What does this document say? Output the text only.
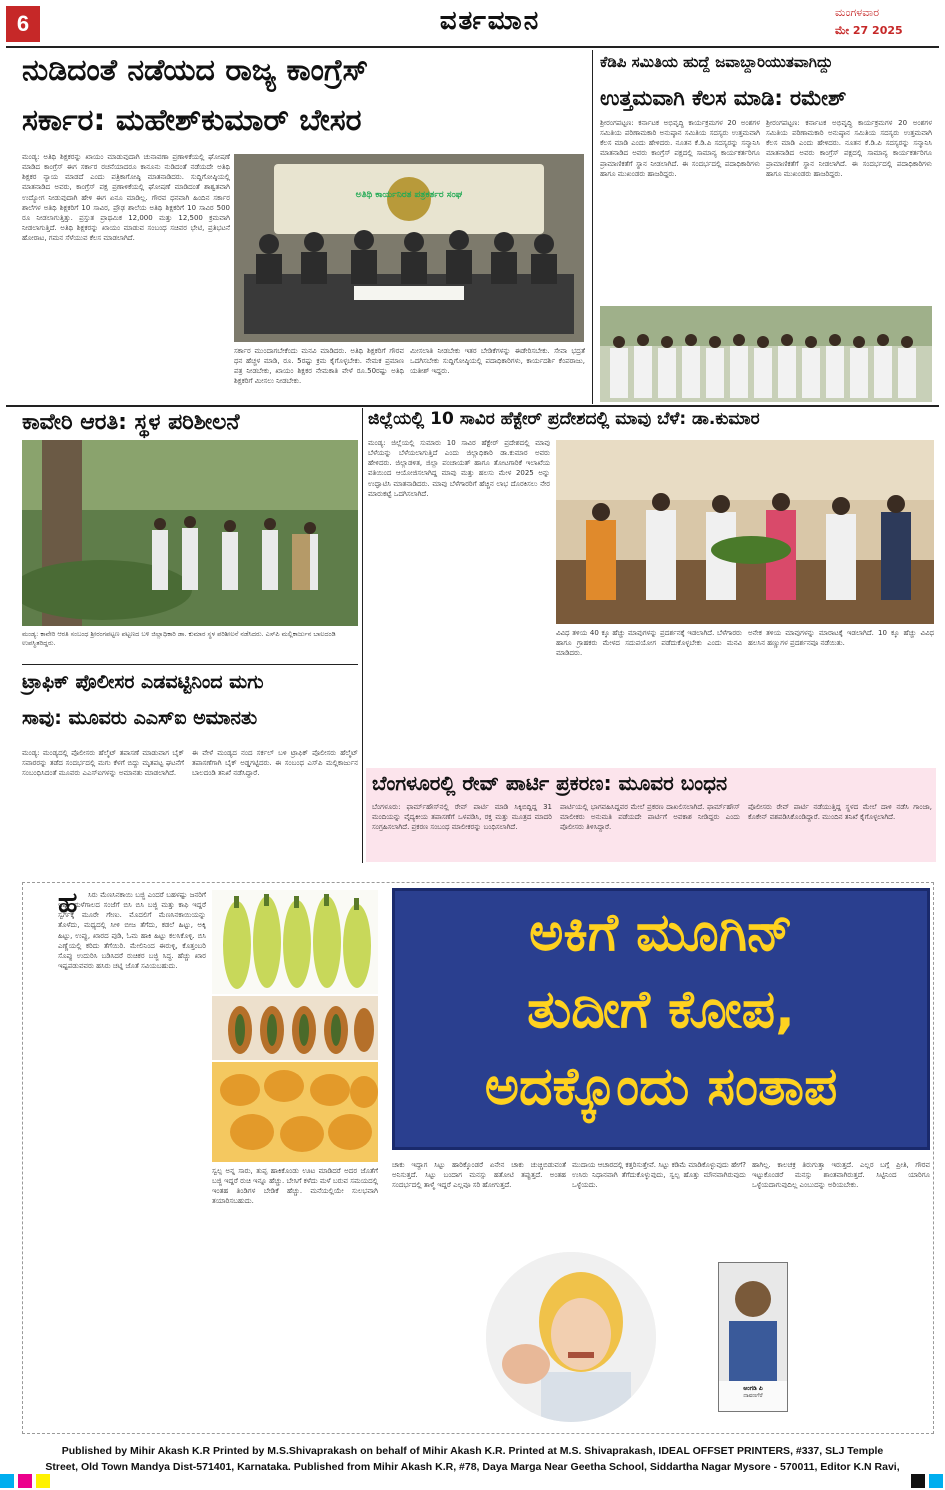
6	ವರ್ತಮಾನ	ಮಂಗಳವಾರ
ಮೇ 27 2025
ನುಡಿದಂತೆ ನಡೆಯದ ರಾಜ್ಯ ಕಾಂಗ್ರೆಸ್
ಸರ್ಕಾರ: ಮಹೇಶ್‌ಕುಮಾರ್ ಬೇಸರ
ಮಂಡ್ಯ: ಅತಿಥಿ ಶಿಕ್ಷಕರನ್ನು ಖಾಯಂ ಮಾಡುವುದಾಗಿ ಚುನಾವಣಾ ಪ್ರಣಾಳಿಕೆಯಲ್ಲಿ ಘೋಷಣೆ ಮಾಡಿದ ಕಾಂಗ್ರೆಸ್ ಈಗ ಸರ್ಕಾರ ರಚನೆಯಾದರೂ ಕಾನೂನು ನುಡಿದಂತೆ ನಡೆಯದೇ ಅತಿಥಿ ಶಿಕ್ಷಕರ ನ್ಯಾಯ ಮಾಡದೆ ಎಂದು ಪತ್ರಿಕಾಗೋಷ್ಠಿ ಮಾತನಾಡಿದರು. ಸುದ್ದಿಗೋಷ್ಠಿಯಲ್ಲಿ ಮಾತನಾಡಿದ ಅವರು, ಕಾಂಗ್ರೆಸ್ ಪಕ್ಷ ಪ್ರಣಾಳಿಕೆಯಲ್ಲಿ ಘೋಷಣೆ ಮಾಡಿದಂತೆ ಶಾಶ್ವತವಾಗಿ ಉದ್ಯೋಗ ನೀಡುವುದಾಗಿ ಹೇಳಿ ಈಗ ಏನೂ ಮಾಡಿಲ್ಲ. ಗೌರವ ಧನವಾಗಿ ಹಿಂದಿನ ಸರ್ಕಾರ ಶಾಲೆಗಳ ಅತಿಥಿ ಶಿಕ್ಷಕರಿಗೆ 10 ಸಾವಿರ, ಪ್ರೌಢ ಶಾಲೆಯ ಅತಿಥಿ ಶಿಕ್ಷಕರಿಗೆ 10 ಸಾವಿರ 500 ರೂ ನೀಡಲಾಗುತ್ತಿತ್ತು. ಪ್ರಸ್ತುತ ಪ್ರಾಥಮಿಕ 12,000 ಮತ್ತು 12,500 ಕ್ರಮವಾಗಿ ನೀಡಲಾಗುತ್ತಿದೆ. ಅತಿಥಿ ಶಿಕ್ಷಕರನ್ನು ಖಾಯಂ ಮಾಡುವ ಸಂಬಂಧ ಸಚಿವರ ಭೇಟಿ, ಪ್ರತಿಭಟನೆ ಹೋರಾಟ, ಗಮನ ಸೆಳೆಯುವ ಕೆಲಸ ಮಾಡಲಾಗಿದೆ.
ಅತಿಥಿ ಕಾರ್ಯನಿರತ ಪತ್ರಕರ್ತರ ಸಂಘ
ಸರ್ಕಾರ ಮುಂದಾಗಬೇಕೆಂದು ಮನವಿ ಮಾಡಿದರು. ಅತಿಥಿ ಶಿಕ್ಷಕರಿಗೆ ಗೌರವ ಧನ ಹೆಚ್ಚಳ ಮಾಡಿ, ರೂ. 5ರಷ್ಟು ಕ್ರಮ ಕೈಗೊಳ್ಳಬೇಕು. ನೇಮಕ ಪ್ರಮಾಣ ಪತ್ರ ನೀಡಬೇಕು, ಖಾಯಂ ಶಿಕ್ಷಕರ ನೇಮಕಾತಿ ವೇಳೆ ರೂ.50ರಷ್ಟು ಅತಿಥಿ ಶಿಕ್ಷಕರಿಗೆ ಮೀಸಲು ನೀಡಬೇಕು.
ಮೀಸಲಾತಿ ನೀಡಬೇಕು ಇತರ ಬೇಡಿಕೆಗಳನ್ನು ಈಡೇರಿಸಬೇಕು. ಸೇವಾ ಭದ್ರತೆ ಒದಗಿಸಬೇಕು ಸುದ್ದಿಗೋಷ್ಠಿಯಲ್ಲಿ ಪದಾಧಿಕಾರಿಗಳು, ಕಾರ್ಯದರ್ಶಿ ಕೆಂಪರಾಜು, ಯತೀಶ್ ಇದ್ದರು.
ಕೆಡಿಪಿ ಸಮಿತಿಯ ಹುದ್ದೆ ಜವಾಬ್ದಾರಿಯುತವಾಗಿದ್ದು
ಉತ್ತಮವಾಗಿ ಕೆಲಸ ಮಾಡಿ: ರಮೇಶ್
ಶ್ರೀರಂಗಪಟ್ಟಣ: ಕರ್ನಾಟಕ ಅಭಿವೃದ್ಧಿ ಕಾರ್ಯಕ್ರಮಗಳ 20 ಅಂಶಗಳ ಸಮಿತಿಯ ಪರಿಣಾಮಕಾರಿ ಅನುಷ್ಠಾನ ಸಮಿತಿಯ ಸದಸ್ಯರು ಉತ್ತಮವಾಗಿ ಕೆಲಸ ಮಾಡಿ ಎಂದು ಹೇಳಿದರು. ನೂತನ ಕೆ.ಡಿ.ಪಿ ಸದಸ್ಯರನ್ನು ಸನ್ಮಾನಿಸಿ ಮಾತನಾಡಿದ ಅವರು ಕಾಂಗ್ರೆಸ್ ಪಕ್ಷದಲ್ಲಿ ಸಾಮಾನ್ಯ ಕಾರ್ಯಕರ್ತರಿಗೂ ಪ್ರಾಮಾಣಿಕತೆಗೆ ಸ್ಥಾನ ನೀಡಲಾಗಿದೆ. ಈ ಸಂದರ್ಭದಲ್ಲಿ ಪದಾಧಿಕಾರಿಗಳು ಹಾಗೂ ಮುಖಂಡರು ಹಾಜರಿದ್ದರು.
ಶ್ರೀರಂಗಪಟ್ಟಣ: ಕರ್ನಾಟಕ ಅಭಿವೃದ್ಧಿ ಕಾರ್ಯಕ್ರಮಗಳ 20 ಅಂಶಗಳ ಸಮಿತಿಯ ಪರಿಣಾಮಕಾರಿ ಅನುಷ್ಠಾನ ಸಮಿತಿಯ ಸದಸ್ಯರು ಉತ್ತಮವಾಗಿ ಕೆಲಸ ಮಾಡಿ ಎಂದು ಹೇಳಿದರು. ನೂತನ ಕೆ.ಡಿ.ಪಿ ಸದಸ್ಯರನ್ನು ಸನ್ಮಾನಿಸಿ ಮಾತನಾಡಿದ ಅವರು ಕಾಂಗ್ರೆಸ್ ಪಕ್ಷದಲ್ಲಿ ಸಾಮಾನ್ಯ ಕಾರ್ಯಕರ್ತರಿಗೂ ಪ್ರಾಮಾಣಿಕತೆಗೆ ಸ್ಥಾನ ನೀಡಲಾಗಿದೆ. ಈ ಸಂದರ್ಭದಲ್ಲಿ ಪದಾಧಿಕಾರಿಗಳು ಹಾಗೂ ಮುಖಂಡರು ಹಾಜರಿದ್ದರು.
ಕಾವೇರಿ ಆರತಿ: ಸ್ಥಳ ಪರಿಶೀಲನೆ
ಮಂಡ್ಯ: ಕಾವೇರಿ ಆರತಿ ಸಂಬಂಧ ಶ್ರೀರಂಗಪಟ್ಟಣ ಪಟ್ಟಣದ ಬಳಿ ಜಿಲ್ಲಾಧಿಕಾರಿ ಡಾ. ಕುಮಾರ ಸ್ಥಳ ಪರಿಶೀಲನೆ ನಡೆಸಿದರು. ಎಸ್‌ಪಿ ಮಲ್ಲಿಕಾರ್ಜುನ ಬಾಲದಂಡಿ ಉಪಸ್ಥಿತರಿದ್ದರು.
ಟ್ರಾಫಿಕ್ ಪೊಲೀಸರ ಎಡವಟ್ಟಿನಿಂದ ಮಗು
ಸಾವು: ಮೂವರು ಎಎಸ್‌ಐ ಅಮಾನತು
ಮಂಡ್ಯ: ಮಂಡ್ಯದಲ್ಲಿ ಪೊಲೀಸರು ಹೆಲ್ಮೆಟ್ ತಪಾಸಣೆ ಮಾಡುವಾಗ ಬೈಕ್ ಸವಾರರನ್ನು ತಡೆದ ಸಂದರ್ಭದಲ್ಲಿ ಮಗು ಕೆಳಗೆ ಬಿದ್ದು ಮೃತಪಟ್ಟ ಘಟನೆಗೆ ಸಂಬಂಧಿಸಿದಂತೆ ಮೂವರು ಎಎಸ್‌ಐಗಳನ್ನು ಅಮಾನತು ಮಾಡಲಾಗಿದೆ.
ಈ ವೇಳೆ ಮಂಡ್ಯದ ನಂದ ಸರ್ಕಲ್ ಬಳಿ ಟ್ರಾಫಿಕ್ ಪೊಲೀಸರು ಹೆಲ್ಮೆಟ್ ತಪಾಸಣೆಗಾಗಿ ಬೈಕ್ ಅಡ್ಡಗಟ್ಟಿದರು. ಈ ಸಂಬಂಧ ಎಸ್‌ಪಿ ಮಲ್ಲಿಕಾರ್ಜುನ ಬಾಲದಂಡಿ ತನಿಖೆ ನಡೆಸಿದ್ದಾರೆ.
ಜಿಲ್ಲೆಯಲ್ಲಿ 10 ಸಾವಿರ ಹೆಕ್ಟೇರ್ ಪ್ರದೇಶದಲ್ಲಿ ಮಾವು ಬೆಳೆ: ಡಾ.ಕುಮಾರ
ಮಂಡ್ಯ: ಜಿಲ್ಲೆಯಲ್ಲಿ ಸುಮಾರು 10 ಸಾವಿರ ಹೆಕ್ಟೇರ್ ಪ್ರದೇಶದಲ್ಲಿ ಮಾವು ಬೆಳೆಯನ್ನು ಬೆಳೆಯಲಾಗುತ್ತಿದೆ ಎಂದು ಜಿಲ್ಲಾಧಿಕಾರಿ ಡಾ.ಕುಮಾರ ಅವರು ಹೇಳಿದರು. ಜಿಲ್ಲಾಡಳಿತ, ಜಿಲ್ಲಾ ಪಂಚಾಯತ್ ಹಾಗೂ ತೋಟಗಾರಿಕೆ ಇಲಾಖೆಯ ವತಿಯಿಂದ ಆಯೋಜಿಸಲಾಗಿದ್ದ ಮಾವು ಮತ್ತು ಹಲಸು ಮೇಳ 2025 ಅನ್ನು ಉದ್ಘಾಟಿಸಿ ಮಾತನಾಡಿದರು. ಮಾವು ಬೆಳೆಗಾರರಿಗೆ ಹೆಚ್ಚಿನ ಲಾಭ ದೊರಕಿಸಲು ನೇರ ಮಾರುಕಟ್ಟೆ ಒದಗಿಸಲಾಗಿದೆ.
ವಿವಿಧ ತಳಿಯ 40 ಕ್ಕೂ ಹೆಚ್ಚು ಮಾವುಗಳನ್ನು ಪ್ರದರ್ಶನಕ್ಕೆ ಇಡಲಾಗಿದೆ. ಬೆಳೆಗಾರರು ಹಾಗೂ ಗ್ರಾಹಕರು ಮೇಳದ ಸದುಪಯೋಗ ಪಡೆದುಕೊಳ್ಳಬೇಕು ಎಂದು ಮನವಿ ಮಾಡಿದರು.
ಅನೇಕ ತಳಿಯ ಮಾವುಗಳನ್ನು ಮಾರಾಟಕ್ಕೆ ಇಡಲಾಗಿದೆ. 10 ಕ್ಕೂ ಹೆಚ್ಚು ವಿವಿಧ ಹಲಸಿನ ಹಣ್ಣುಗಳ ಪ್ರದರ್ಶನವೂ ನಡೆಯಿತು.
ಬೆಂಗಳೂರಲ್ಲಿ ರೇವ್ ಪಾರ್ಟಿ ಪ್ರಕರಣ: ಮೂವರ ಬಂಧನ
ಬೆಂಗಳೂರು: ಫಾರ್ಮ್‌ಹೌಸ್‌ನಲ್ಲಿ ರೇವ್ ಪಾರ್ಟಿ ಮಾಡಿ ಸಿಕ್ಕಿಬಿದ್ದಿದ್ದ 31 ಮಂದಿಯನ್ನು ವೈದ್ಯಕೀಯ ತಪಾಸಣೆಗೆ ಒಳಪಡಿಸಿ, ರಕ್ತ ಮತ್ತು ಮೂತ್ರದ ಮಾದರಿ ಸಂಗ್ರಹಿಸಲಾಗಿದೆ. ಪ್ರಕರಣ ಸಂಬಂಧ ಮಾಲೀಕರನ್ನು ಬಂಧಿಸಲಾಗಿದೆ.
ಪಾರ್ಟಿಯಲ್ಲಿ ಭಾಗವಹಿಸಿದ್ದವರ ಮೇಲೆ ಪ್ರಕರಣ ದಾಖಲಿಸಲಾಗಿದೆ. ಫಾರ್ಮ್‌ಹೌಸ್ ಮಾಲೀಕರು ಅನುಮತಿ ಪಡೆಯದೇ ಪಾರ್ಟಿಗೆ ಅವಕಾಶ ನೀಡಿದ್ದರು ಎಂದು ಪೊಲೀಸರು ತಿಳಿಸಿದ್ದಾರೆ.
ಪೊಲೀಸರು ರೇವ್ ಪಾರ್ಟಿ ನಡೆಯುತ್ತಿದ್ದ ಸ್ಥಳದ ಮೇಲೆ ದಾಳಿ ನಡೆಸಿ ಗಾಂಜಾ, ಕೊಕೇನ್ ವಶಪಡಿಸಿಕೊಂಡಿದ್ದಾರೆ. ಮುಂದಿನ ತನಿಖೆ ಕೈಗೊಳ್ಳಲಾಗಿದೆ.
ಹ	ಸಿರು ಮೆಣಸಿನಕಾಯಿ ಬಜ್ಜಿ ಎಂದರೆ ಬಹಳಷ್ಟು ಜನರಿಗೆ ಇಷ್ಟ. ಮಳೆಗಾಲದ ಸಂಜೆಗೆ ಬಿಸಿ ಬಿಸಿ ಬಜ್ಜಿ ಮತ್ತು ಕಾಫಿ ಇದ್ದರೆ ಸ್ವರ್ಗಕ್ಕೆ ಮೂರೇ ಗೇಣು. ಮೊದಲಿಗೆ ಮೆಣಸಿನಕಾಯಿಯನ್ನು ತೊಳೆದು, ಮಧ್ಯದಲ್ಲಿ ಸೀಳಿ ಬೀಜ ತೆಗೆದು, ಕಡಲೆ ಹಿಟ್ಟು, ಅಕ್ಕಿ ಹಿಟ್ಟು, ಉಪ್ಪು, ಖಾರದ ಪುಡಿ, ಓಮ ಹಾಕಿ ಹಿಟ್ಟು ಕಲಸಿಕೊಳ್ಳಿ. ಬಿಸಿ ಎಣ್ಣೆಯಲ್ಲಿ ಕರಿದು ತೆಗೆಯಿರಿ. ಮೇಲಿನಿಂದ ಈರುಳ್ಳಿ, ಕೊತ್ತಂಬರಿ ಸೊಪ್ಪು ಉದುರಿಸಿ ಬಡಿಸಿದರೆ ರುಚಿಕರ ಬಜ್ಜಿ ಸಿದ್ಧ. ಹೆಚ್ಚು ಖಾರ ಇಷ್ಟಪಡುವವರು ಹಸಿರು ಚಟ್ನಿ ಜೊತೆ ಸವಿಯಬಹುದು.
ಸ್ವಲ್ಪ ಅನ್ನ ಸಾರು, ತುಪ್ಪ ಹಾಕಿಕೊಂಡು ಊಟ ಮಾಡಿದರೆ ಅದರ ಜೊತೆಗೆ ಬಜ್ಜಿ ಇದ್ದರೆ ರುಚಿ ಇನ್ನೂ ಹೆಚ್ಚು. ಬೇಸಿಗೆ ಕಳೆದು ಮಳೆ ಬರುವ ಸಮಯದಲ್ಲಿ ಇಂತಹ ತಿಂಡಿಗಳ ಬೇಡಿಕೆ ಹೆಚ್ಚು. ಮನೆಯಲ್ಲಿಯೇ ಸುಲಭವಾಗಿ ತಯಾರಿಸಬಹುದು.
ಅಕಿಗೆ ಮೂಗಿನ್
ತುದೀಗೆ ಕೋಪ,
ಅದಕ್ಕೊಂದು ಸಂತಾಪ
ಚಾಕು ಇದ್ದಾಗ ಸಿಟ್ಟು ಹಾರಿಕ್ಕೊಂಡರೆ ಏನೇನ ಚಾಕು ಚುಚ್ಚಿಬಿಡುವಂತೆ ಅನಿಸುತ್ತದೆ. ಸಿಟ್ಟು ಬಂದಾಗ ಮನಸ್ಸು ಹತೋಟಿ ತಪ್ಪುತ್ತದೆ. ಅಂತಹ ಸಂದರ್ಭದಲ್ಲಿ ತಾಳ್ಮೆ ಇದ್ದರೆ ಎಲ್ಲವೂ ಸರಿ ಹೋಗುತ್ತದೆ.
ಮುದಾಯ ಆಚಾರದಲ್ಲಿ ಕತ್ತರಿಸುತ್ತೇವೆ. ಸಿಟ್ಟು ಕಡಿಮೆ ಮಾಡಿಕೊಳ್ಳುವುದು ಹೇಗೆ? ಉಸಿರು ನಿಧಾನವಾಗಿ ತೆಗೆದುಕೊಳ್ಳುವುದು, ಸ್ವಲ್ಪ ಹೊತ್ತು ಮೌನವಾಗಿರುವುದು ಒಳ್ಳೆಯದು.
ಹಾಗಿಲ್ಲ. ಕಾಲಚಕ್ರ ತಿರುಗುತ್ತಾ ಇರುತ್ತದೆ. ಎಲ್ಲರ ಬಗ್ಗೆ ಪ್ರೀತಿ, ಗೌರವ ಇಟ್ಟುಕೊಂಡರೆ ಮನಸ್ಸು ಶಾಂತವಾಗಿರುತ್ತದೆ. ಸಿಟ್ಟಿನಿಂದ ಯಾರಿಗೂ ಒಳ್ಳೆಯದಾಗುವುದಿಲ್ಲ ಎಂಬುದನ್ನು ಅರಿಯಬೇಕು.
ಅಂಗಡಿ ಪಿ
ದಾವಣಗೆರೆ
Published by Mihir Akash K.R Printed by M.S.Shivaprakash on behalf of Mihir Akash K.R. Printed at M.S. Shivaprakash, IDEAL OFFSET PRINTERS, #337, SLJ Temple
Street, Old Town Mandya Dist-571401, Karnataka. Published from Mihir Akash K.R, #78, Daya Marga Near Geetha School, Siddartha Nagar Mysore - 570011, Editor K.N Ravi,
